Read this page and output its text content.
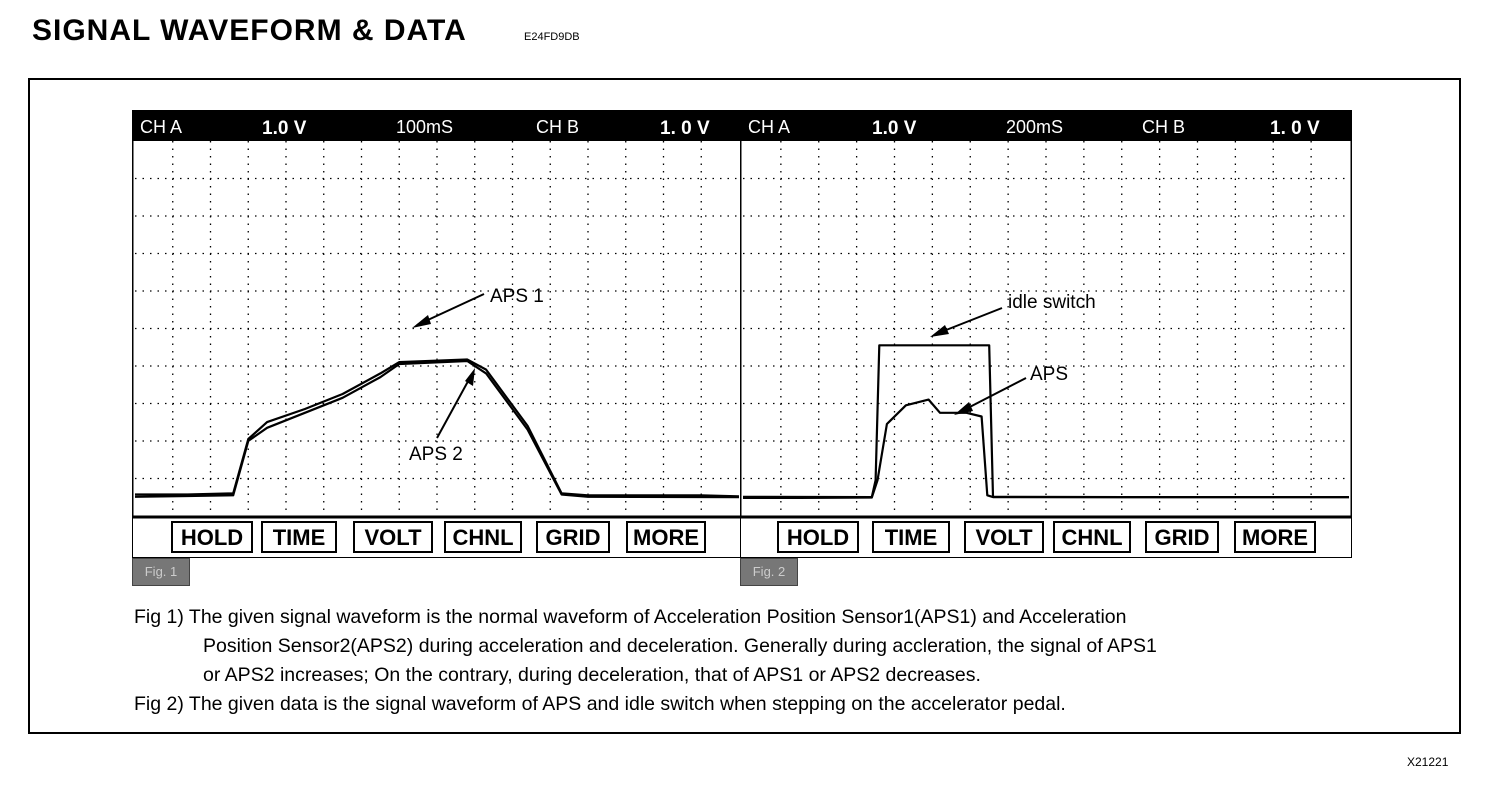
SIGNAL WAVEFORM & DATA	E24FD9DB
CH A	1.0 V	100mS	CH B	1. 0 V
APS 1
APS 2
HOLD TIME VOLT CHNL GRID MORE
Fig. 1
CH A	1.0 V	200mS	CH B	1. 0 V
idle switch
APS
HOLD TIME VOLT CHNL GRID MORE
Fig. 2
Fig 1) The given signal waveform is the normal waveform of Acceleration Position Sensor1(APS1) and Acceleration
Position Sensor2(APS2) during acceleration and deceleration. Generally during accleration, the signal of APS1
or APS2 increases; On the contrary, during deceleration, that of APS1 or APS2 decreases.
Fig 2) The given data is the signal waveform of APS and idle switch when stepping on the accelerator pedal.
X21221
